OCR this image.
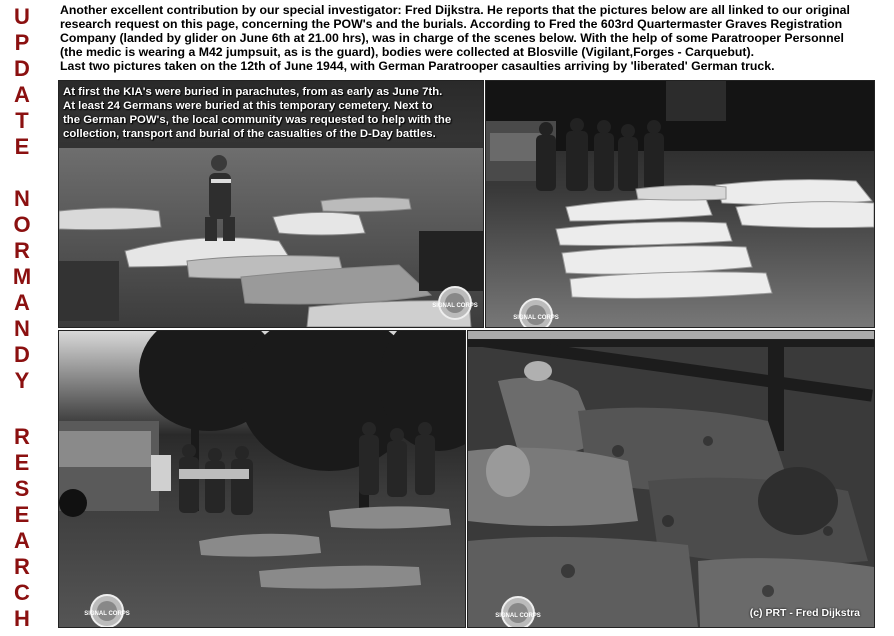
U
P
D
A
T
E
N
O
R
M
A
N
D
Y
R
E
S
E
A
R
C
H

Another excellent contribution by our special investigator: Fred Dijkstra. He reports that the pictures below are all linked to our original

research request on this page, concerning the POW's and the burials. According to Fred the 603rd Quartermaster Graves Registration

Company (landed by glider on June 6th at 21.00 hrs), was in charge of the scenes below. With the help of some Paratrooper Personnel

(the medic is wearing a M42 jumpsuit, as is the guard), bodies were collected at Blosville (Vigilant,Forges - Carquebut).

Last two pictures taken on the 12th of June 1944, with German Paratrooper casaulties arriving by 'liberated' German truck.

SIGNAL CORPS
At first the KIA's were buried in parachutes, from as early as June 7th.
At least 24 Germans were buried at this temporary cemetery. Next to
the German POW's, the local community was requested to help with the
collection, transport and burial of the casualties of the D-Day battles.
SIGNAL CORPS
SIGNAL CORPS	SIGNAL CORPS	(c) PRT - Fred Dijkstra
